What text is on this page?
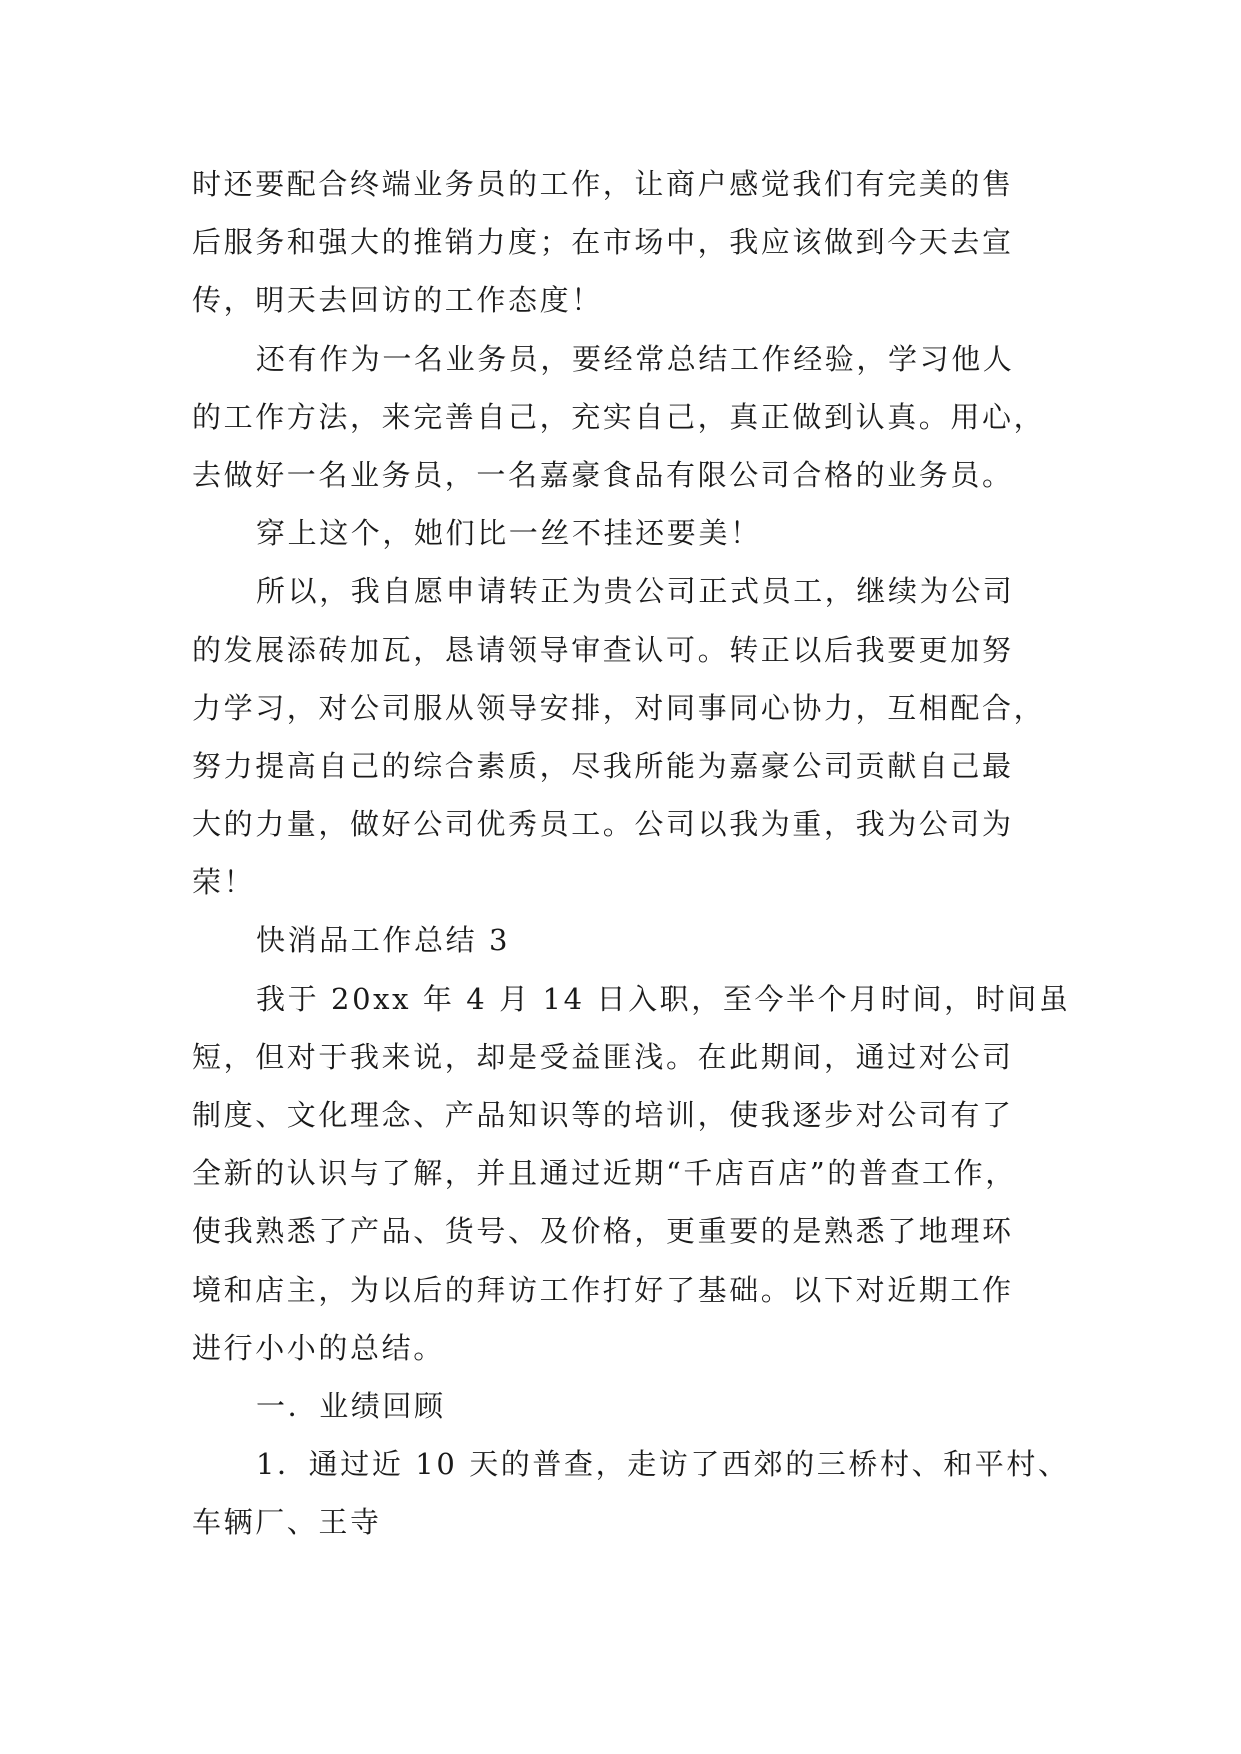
时还要配合终端业务员的工作，让商户感觉我们有完美的售
后服务和强大的推销力度；在市场中，我应该做到今天去宣
传，明天去回访的工作态度！
还有作为一名业务员，要经常总结工作经验，学习他人
的工作方法，来完善自己，充实自己，真正做到认真。用心，
去做好一名业务员，一名嘉豪食品有限公司合格的业务员。
穿上这个，她们比一丝不挂还要美！
所以，我自愿申请转正为贵公司正式员工，继续为公司
的发展添砖加瓦，恳请领导审查认可。转正以后我要更加努
力学习，对公司服从领导安排，对同事同心协力，互相配合，
努力提高自己的综合素质，尽我所能为嘉豪公司贡献自己最
大的力量，做好公司优秀员工。公司以我为重，我为公司为
荣！
快消品工作总结 3
我于 20xx 年 4 月 14 日入职，至今半个月时间，时间虽
短，但对于我来说，却是受益匪浅。在此期间，通过对公司
制度、文化理念、产品知识等的培训，使我逐步对公司有了
全新的认识与了解，并且通过近期“千店百店”的普查工作，
使我熟悉了产品、货号、及价格，更重要的是熟悉了地理环
境和店主，为以后的拜访工作打好了基础。以下对近期工作
进行小小的总结。
一．业绩回顾
1．通过近 10 天的普查，走访了西郊的三桥村、和平村、
车辆厂、王寺
